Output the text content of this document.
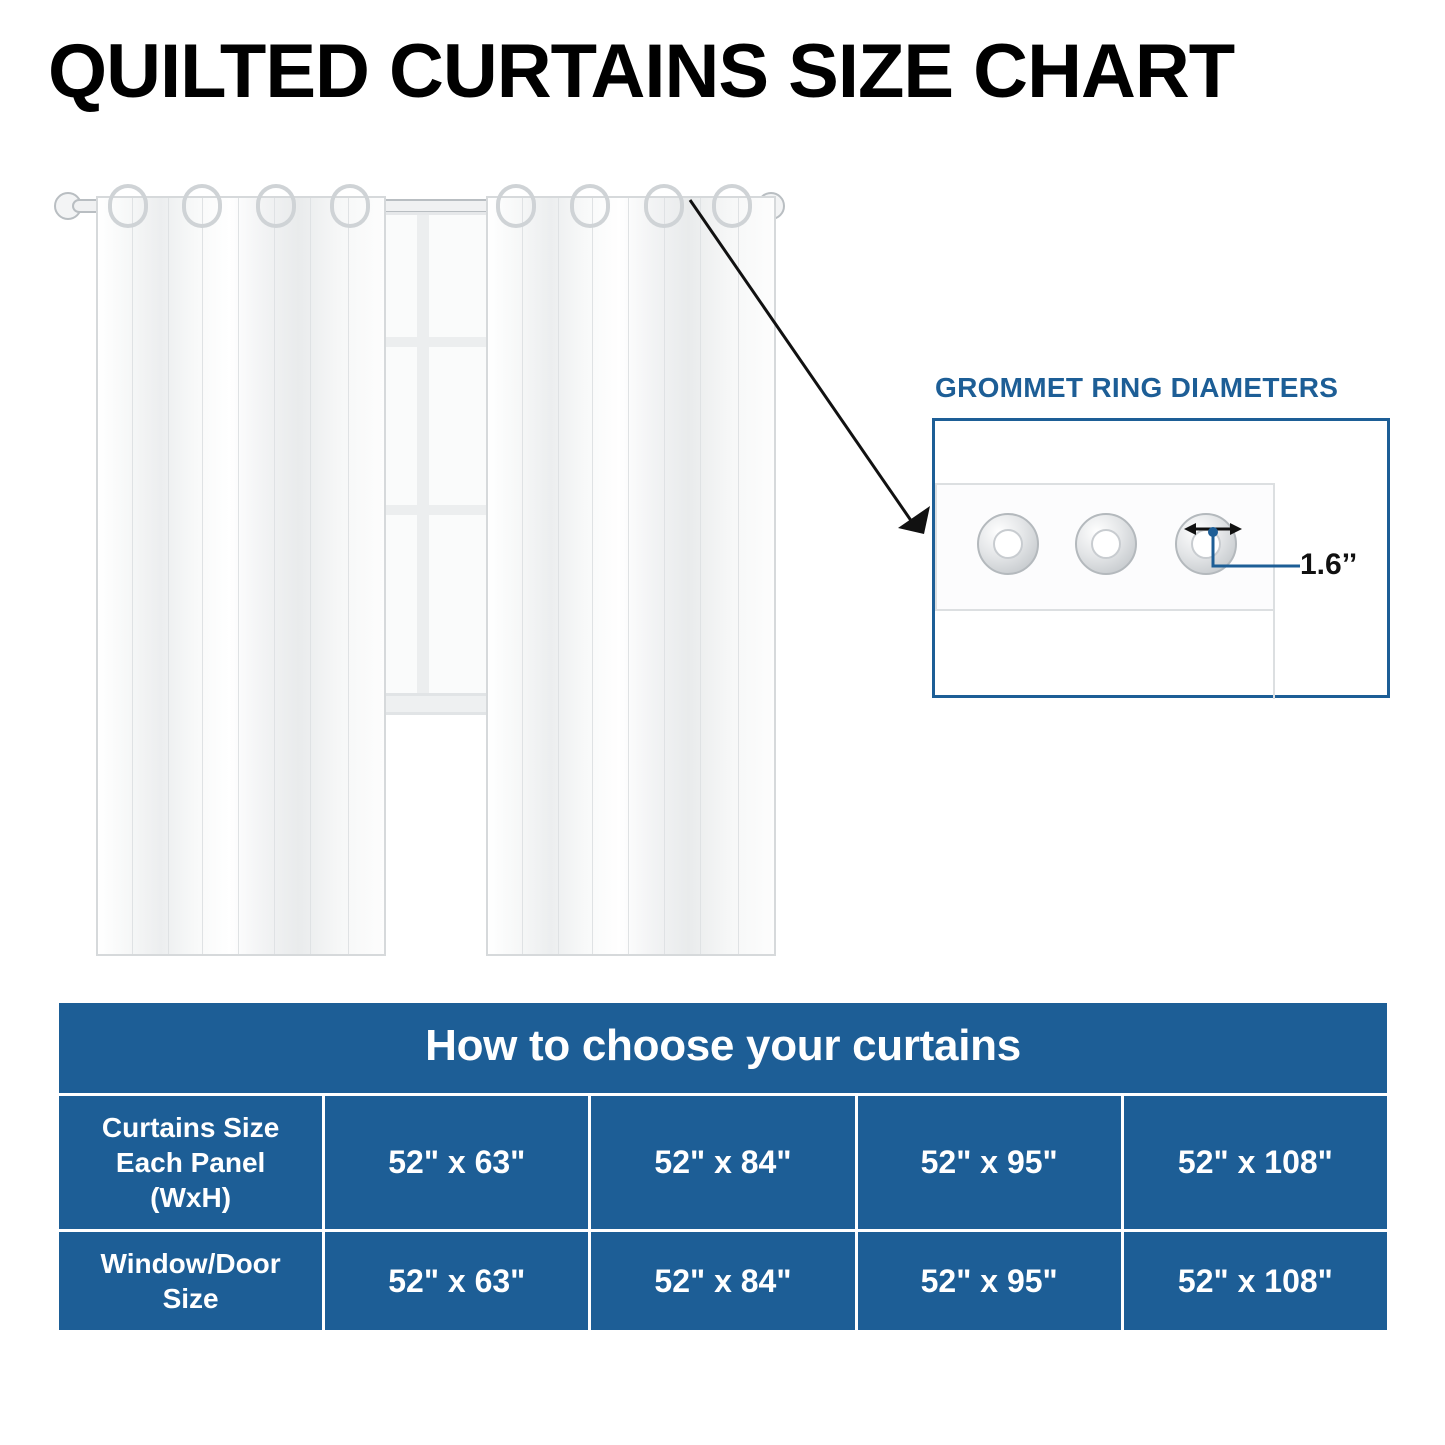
QUILTED CURTAINS SIZE CHART
GROMMET RING DIAMETERS
1.6’’
How to choose your curtains				

Curtains Size
Each Panel
(WxH)	52" x 63"	52" x 84"	52" x 95"	52" x 108"

Window/Door
Size	52" x 63"	52" x 84"	52" x 95"	52" x 108"
